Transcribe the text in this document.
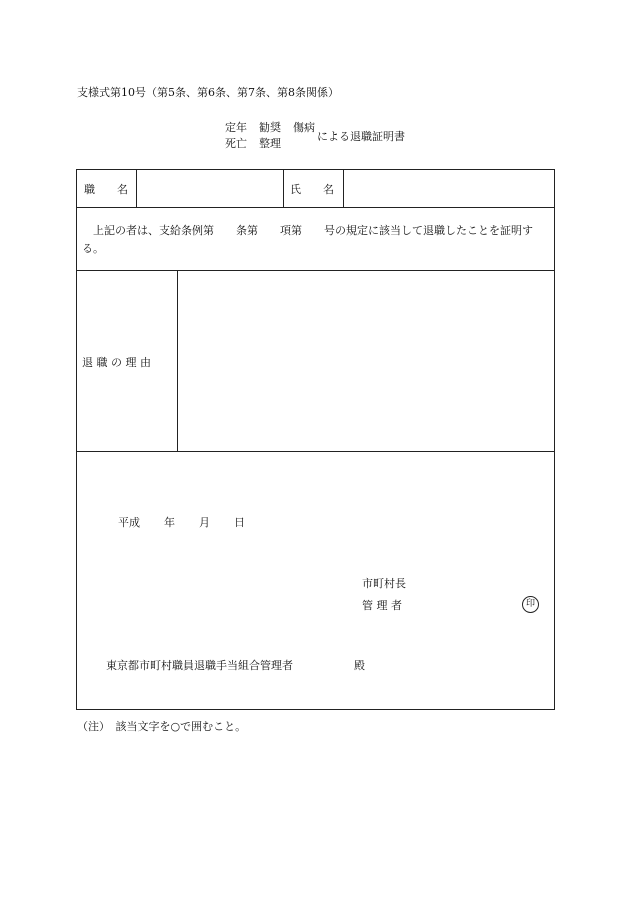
支様式第10号（第5条、第6条、第7条、第8条関係）
定年 勧奨 傷病
死亡 整理
による退職証明書
職　　名	氏　　名
　上記の者は、支給条例第　　条第　　項第　　号の規定に該当して退職したことを証明する。
退 職 の 理 由
平成 年 月 日
市町村長
管 理 者	印
東京都市町村職員退職手当組合管理者	殿
（注）　該当文字を○で囲むこと。
